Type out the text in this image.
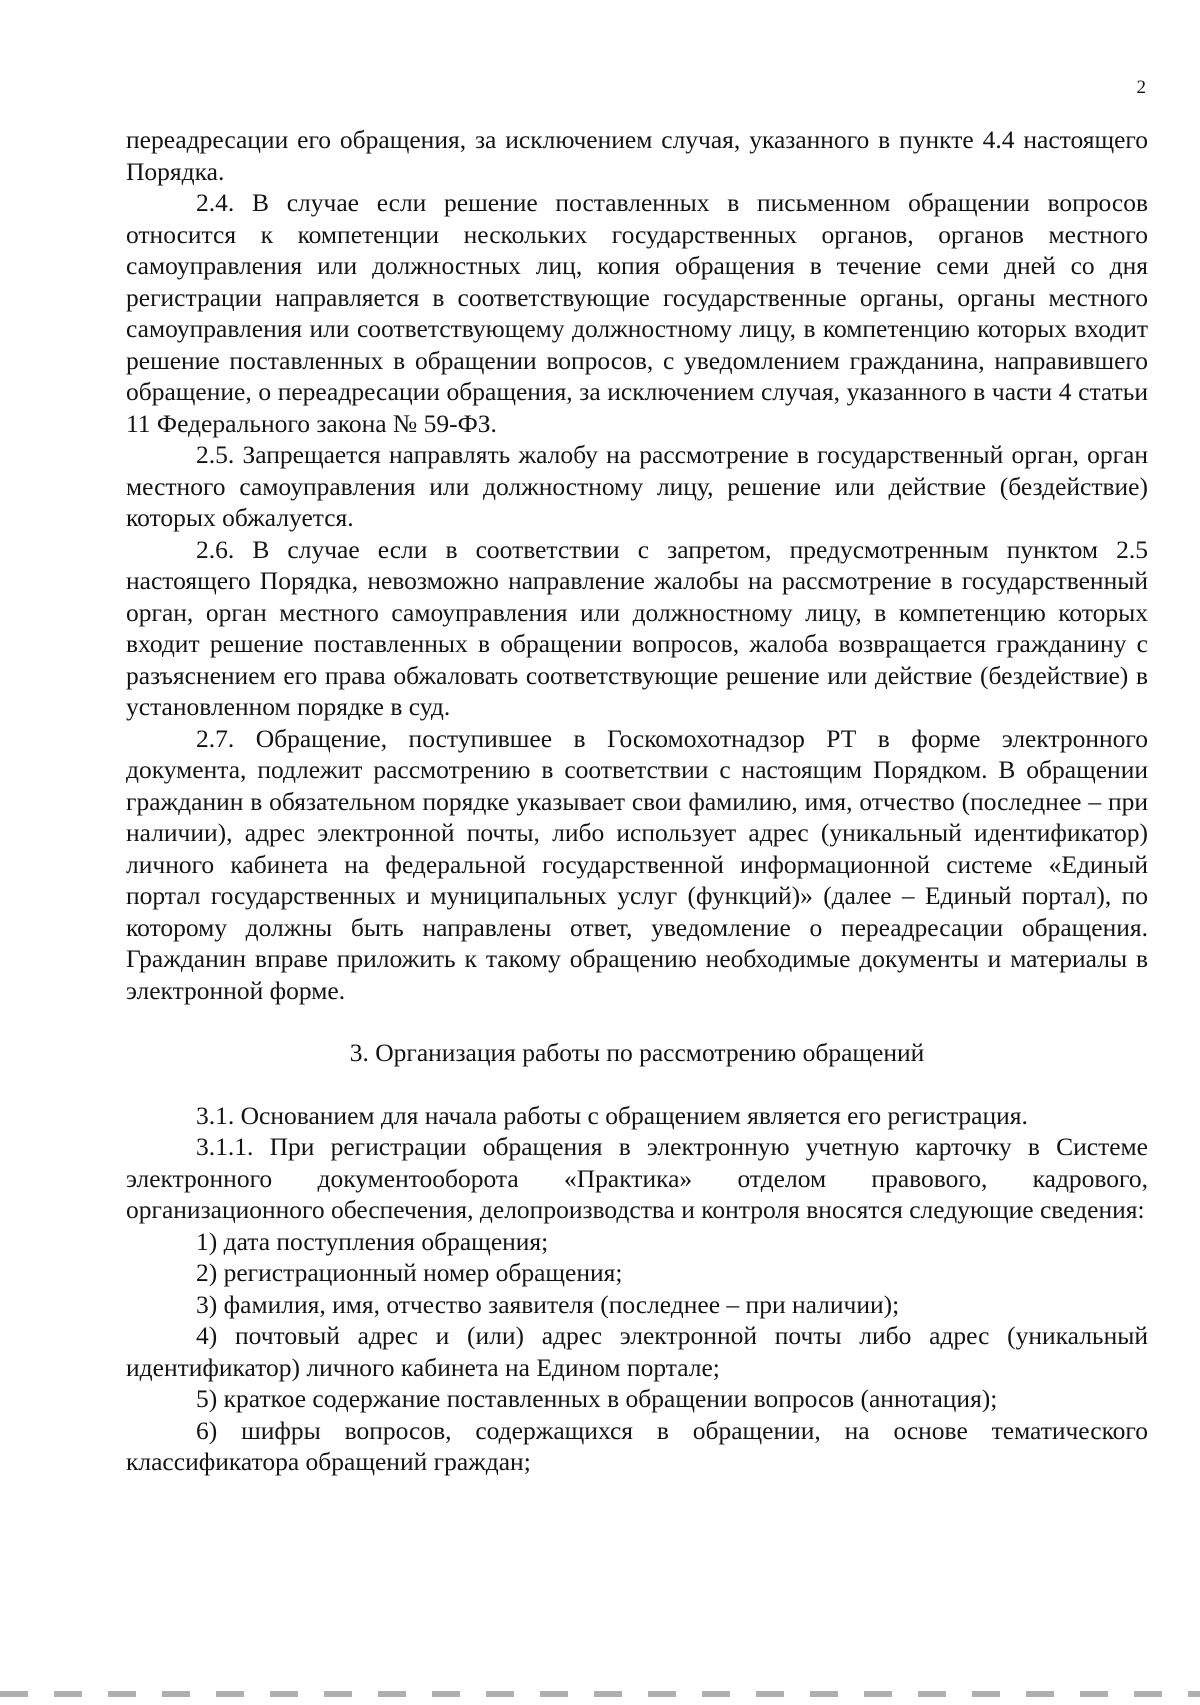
2

переадресации его обращения, за исключением случая, указанного в пункте 4.4 настоящего Порядка.

2.4. В случае если решение поставленных в письменном обращении вопросов относится к компетенции нескольких государственных органов, органов местного самоуправления или должностных лиц, копия обращения в течение семи дней со дня регистрации направляется в соответствующие государственные органы, органы местного самоуправления или соответствующему должностному лицу, в компетенцию которых входит решение поставленных в обращении вопросов, с уведомлением гражданина, направившего обращение, о переадресации обращения, за исключением случая, указанного в части 4 статьи 11 Федерального закона № 59-ФЗ.

2.5. Запрещается направлять жалобу на рассмотрение в государственный орган, орган местного самоуправления или должностному лицу, решение или действие (бездействие) которых обжалуется.

2.6. В случае если в соответствии с запретом, предусмотренным пунктом 2.5 настоящего Порядка, невозможно направление жалобы на рассмотрение в государственный орган, орган местного самоуправления или должностному лицу, в компетенцию которых входит решение поставленных в обращении вопросов, жалоба возвращается гражданину с разъяснением его права обжаловать соответствующие решение или действие (бездействие) в установленном порядке в суд.

2.7. Обращение, поступившее в Госкомохотнадзор РТ в форме электронного документа, подлежит рассмотрению в соответствии с настоящим Порядком. В обращении гражданин в обязательном порядке указывает свои фамилию, имя, отчество (последнее – при наличии), адрес электронной почты, либо использует адрес (уникальный идентификатор) личного кабинета на федеральной государственной информационной системе «Единый портал государственных и муниципальных услуг (функций)» (далее – Единый портал), по которому должны быть направлены ответ, уведомление о переадресации обращения. Гражданин вправе приложить к такому обращению необходимые документы и материалы в электронной форме.

3. Организация работы по рассмотрению обращений

3.1. Основанием для начала работы с обращением является его регистрация.

3.1.1. При регистрации обращения в электронную учетную карточку в Системе электронного документооборота «Практика» отделом правового, кадрового, организационного обеспечения, делопроизводства и контроля вносятся следующие сведения:

1) дата поступления обращения;

2) регистрационный номер обращения;

3) фамилия, имя, отчество заявителя (последнее – при наличии);

4) почтовый адрес и (или) адрес электронной почты либо адрес (уникальный идентификатор) личного кабинета на Едином портале;

5) краткое содержание поставленных в обращении вопросов (аннотация);

6) шифры вопросов, содержащихся в обращении, на основе тематического классификатора обращений граждан;
